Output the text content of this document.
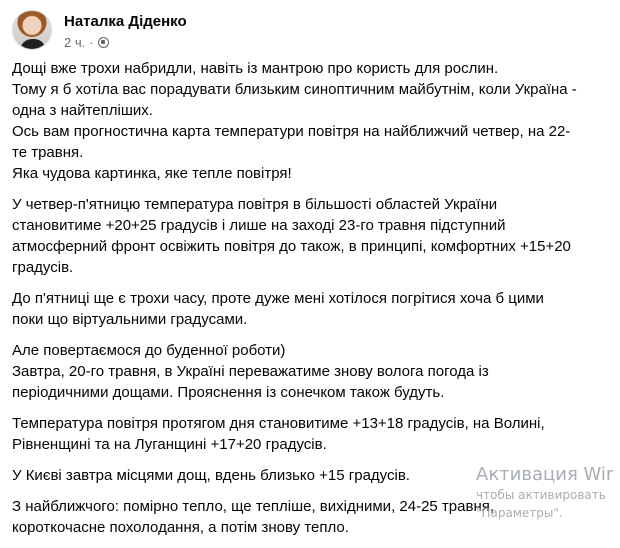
Наталка Діденко
2 ч. ·
Дощі вже трохи набридли, навіть із мантрою про користь для рослин.
Тому я б хотіла вас порадувати близьким синоптичним майбутнім, коли Україна -
одна з найтепліших.
Ось вам прогностична карта температури повітря на найближчий четвер, на 22-
те травня.
Яка чудова картинка, яке тепле повітря!
У четвер-п'ятницю температура повітря в більшості областей України
становитиме +20+25 градусів і лише на заході 23-го травня підступний
атмосферний фронт освіжить повітря до також, в принципі, комфортних +15+20
градусів.
До п'ятниці ще є трохи часу, проте дуже мені хотілося погрітися хоча б цими
поки що віртуальними градусами.
Але повертаємося до буденної роботи)
Завтра, 20-го травня, в Україні переважатиме знову волога погода із
періодичними дощами. Прояснення із сонечком також будуть.
Температура повітря протягом дня становитиме +13+18 градусів, на Волині,
Рівненщині та на Луганщині +17+20 градусів.
У Києві завтра місцями дощ, вдень близько +15 градусів.
З найближчого: помірно тепло, ще тепліше, вихідними, 24-25 травня,
короткочасне похолодання, а потім знову тепло.
Активация Wir
чтобы активировать
"Параметры".
